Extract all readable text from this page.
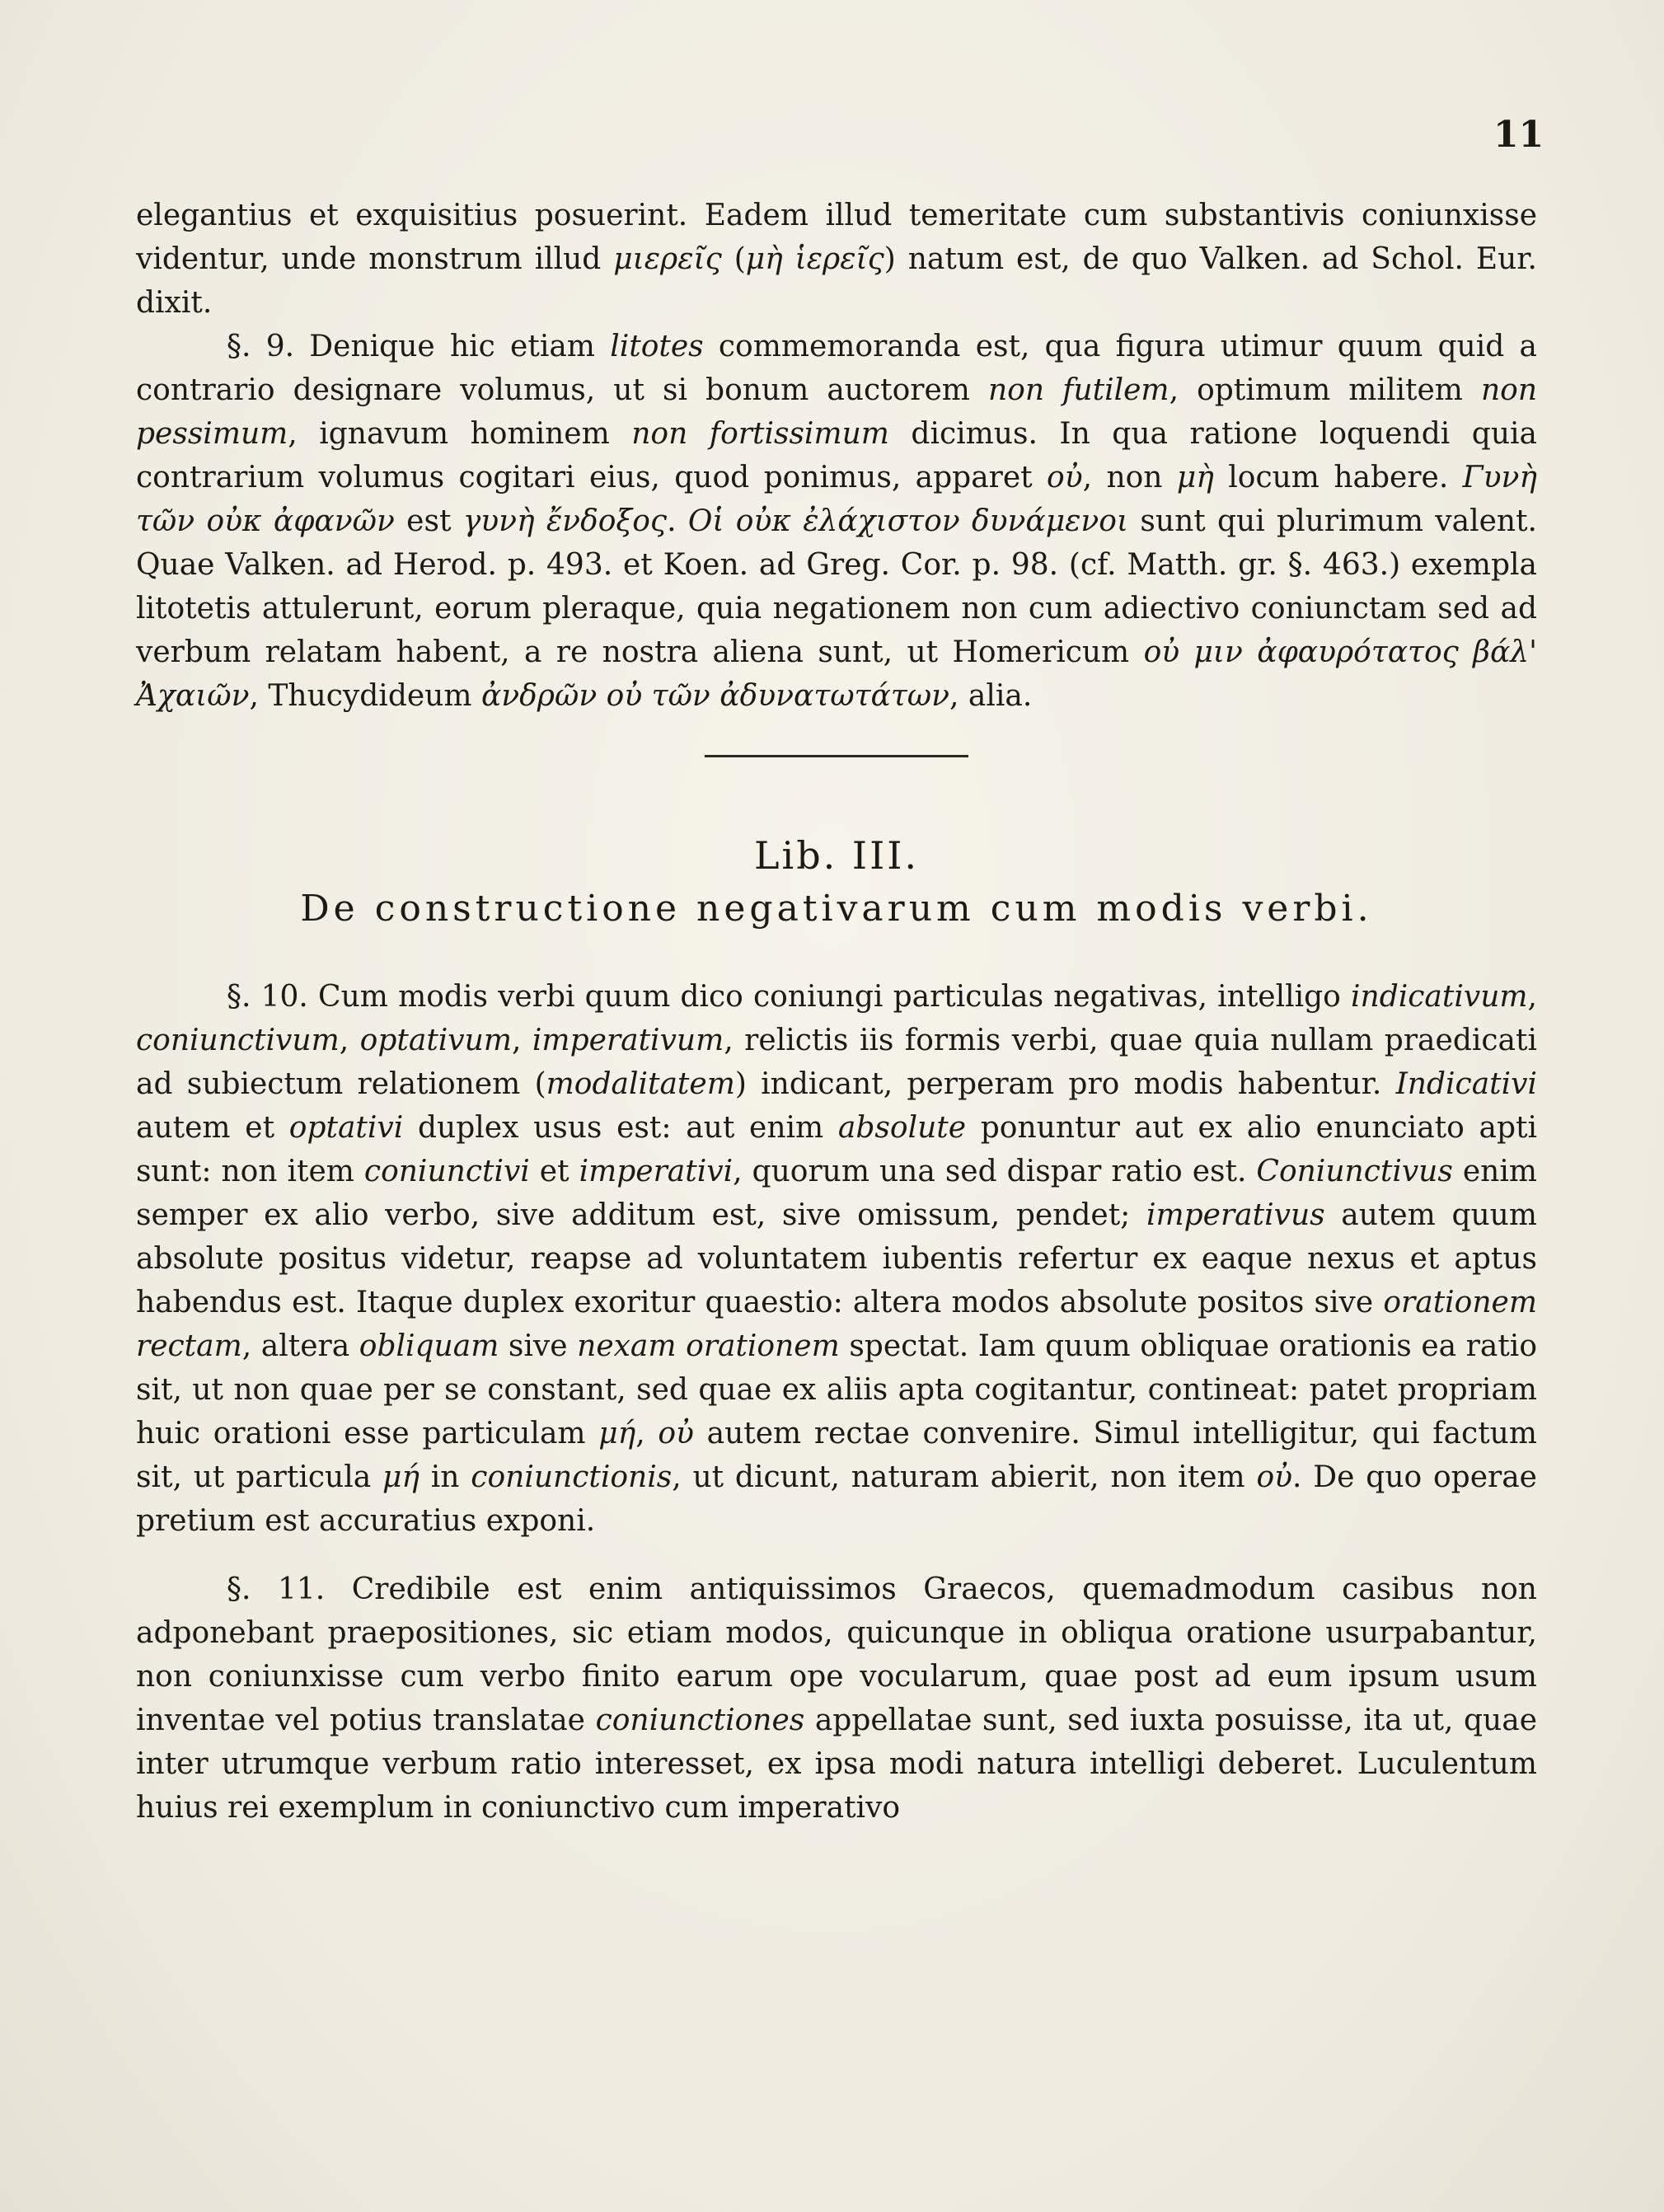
11

elegantius et exquisitius posuerint. Eadem illud temeritate cum substantivis coniunxisse videntur, unde monstrum illud μιερεῖς (μὴ ἱερεῖς) natum est, de quo Valken. ad Schol. Eur. dixit.

§. 9. Denique hic etiam litotes commemoranda est, qua figura utimur quum quid a contrario designare volumus, ut si bonum auctorem non futilem, optimum militem non pessimum, ignavum hominem non fortissimum dicimus. In qua ratione loquendi quia contrarium volumus cogitari eius, quod ponimus, apparet οὐ, non μὴ locum habere. Γυνὴ τῶν οὐκ ἀφανῶν est γυνὴ ἔνδοξος. Οἱ οὐκ ἐλάχιστον δυνάμενοι sunt qui plurimum valent. Quae Valken. ad Herod. p. 493. et Koen. ad Greg. Cor. p. 98. (cf. Matth. gr. §. 463.) exempla litotetis attulerunt, eorum pleraque, quia negationem non cum adiectivo coniunctam sed ad verbum relatam habent, a re nostra aliena sunt, ut Homericum οὐ μιν ἀφαυρότατος βάλ' Ἀχαιῶν, Thucydideum ἀνδρῶν οὐ τῶν ἀδυνατωτάτων, alia.

Lib. III.
De constructione negativarum cum modis verbi.

§. 10. Cum modis verbi quum dico coniungi particulas negativas, intelligo indicativum, coniunctivum, optativum, imperativum, relictis iis formis verbi, quae quia nullam praedicati ad subiectum relationem (modalitatem) indicant, perperam pro modis habentur. Indicativi autem et optativi duplex usus est: aut enim absolute ponuntur aut ex alio enunciato apti sunt: non item coniunctivi et imperativi, quorum una sed dispar ratio est. Coniunctivus enim semper ex alio verbo, sive additum est, sive omissum, pendet; imperativus autem quum absolute positus videtur, reapse ad voluntatem iubentis refertur ex eaque nexus et aptus habendus est. Itaque duplex exoritur quaestio: altera modos absolute positos sive orationem rectam, altera obliquam sive nexam orationem spectat. Iam quum obliquae orationis ea ratio sit, ut non quae per se constant, sed quae ex aliis apta cogitantur, contineat: patet propriam huic orationi esse particulam μή, οὐ autem rectae convenire. Simul intelligitur, qui factum sit, ut particula μή in coniunctionis, ut dicunt, naturam abierit, non item οὐ. De quo operae pretium est accuratius exponi.

§. 11. Credibile est enim antiquissimos Graecos, quemadmodum casibus non adponebant praepositiones, sic etiam modos, quicunque in obliqua oratione usurpabantur, non coniunxisse cum verbo finito earum ope vocularum, quae post ad eum ipsum usum inventae vel potius translatae coniunctiones appellatae sunt, sed iuxta posuisse, ita ut, quae inter utrumque verbum ratio interesset, ex ipsa modi natura intelligi deberet. Luculentum huius rei exemplum in coniunctivo cum imperativo
